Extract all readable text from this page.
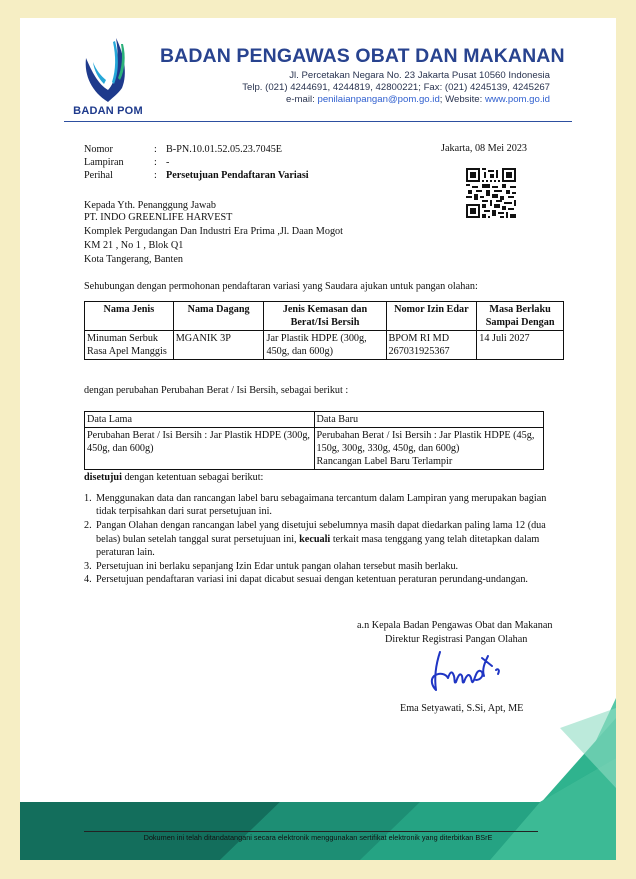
BADAN POM
BADAN PENGAWAS OBAT DAN MAKANAN
Jl. Percetakan Negara No. 23 Jakarta Pusat 10560 Indonesia
Telp. (021) 4244691, 4244819, 42800221; Fax: (021) 4245139, 4245267
e-mail: penilaianpangan@pom.go.id; Website: www.pom.go.id
Nomor	: B-PN.10.01.52.05.23.7045E
Lampiran	: -
Perihal	: Persetujuan Pendaftaran Variasi
Jakarta, 08 Mei 2023
Kepada Yth. Penanggung Jawab
PT. INDO GREENLIFE HARVEST
Komplek Pergudangan Dan Industri Era Prima ,Jl. Daan Mogot
KM 21 , No 1 , Blok Q1
Kota Tangerang, Banten
Sehubungan dengan permohonan pendaftaran variasi yang Saudara ajukan untuk pangan olahan:
Nama Jenis	Nama Dagang	Jenis Kemasan dan Berat/Isi Bersih	Nomor Izin Edar	Masa Berlaku Sampai Dengan
Minuman Serbuk Rasa Apel Manggis	MGANIK 3P	Jar Plastik HDPE (300g, 450g, dan 600g)	BPOM RI MD 267031925367	14 Juli 2027
dengan perubahan Perubahan Berat / Isi Bersih, sebagai berikut :
Data Lama	Data Baru
Perubahan Berat / Isi Bersih : Jar Plastik HDPE (300g, 450g, dan 600g)	Perubahan Berat / Isi Bersih : Jar Plastik HDPE (45g, 150g, 300g, 330g, 450g, dan 600g)
Rancangan Label Baru Terlampir
disetujui dengan ketentuan sebagai berikut:
1. Menggunakan data dan rancangan label baru sebagaimana tercantum dalam Lampiran yang merupakan bagian tidak terpisahkan dari surat persetujuan ini.
2. Pangan Olahan dengan rancangan label yang disetujui sebelumnya masih dapat diedarkan paling lama 12 (dua belas) bulan setelah tanggal surat persetujuan ini, kecuali terkait masa tenggang yang telah ditetapkan dalam peraturan lain.
3. Persetujuan ini berlaku sepanjang Izin Edar untuk pangan olahan tersebut masih berlaku.
4. Persetujuan pendaftaran variasi ini dapat dicabut sesuai dengan ketentuan peraturan perundang-undangan.
a.n Kepala Badan Pengawas Obat dan Makanan
Direktur Registrasi Pangan Olahan
Ema Setyawati, S.Si, Apt, ME
Dokumen ini telah ditandatangani secara elektronik menggunakan sertifikat elektronik yang diterbitkan BSrE
